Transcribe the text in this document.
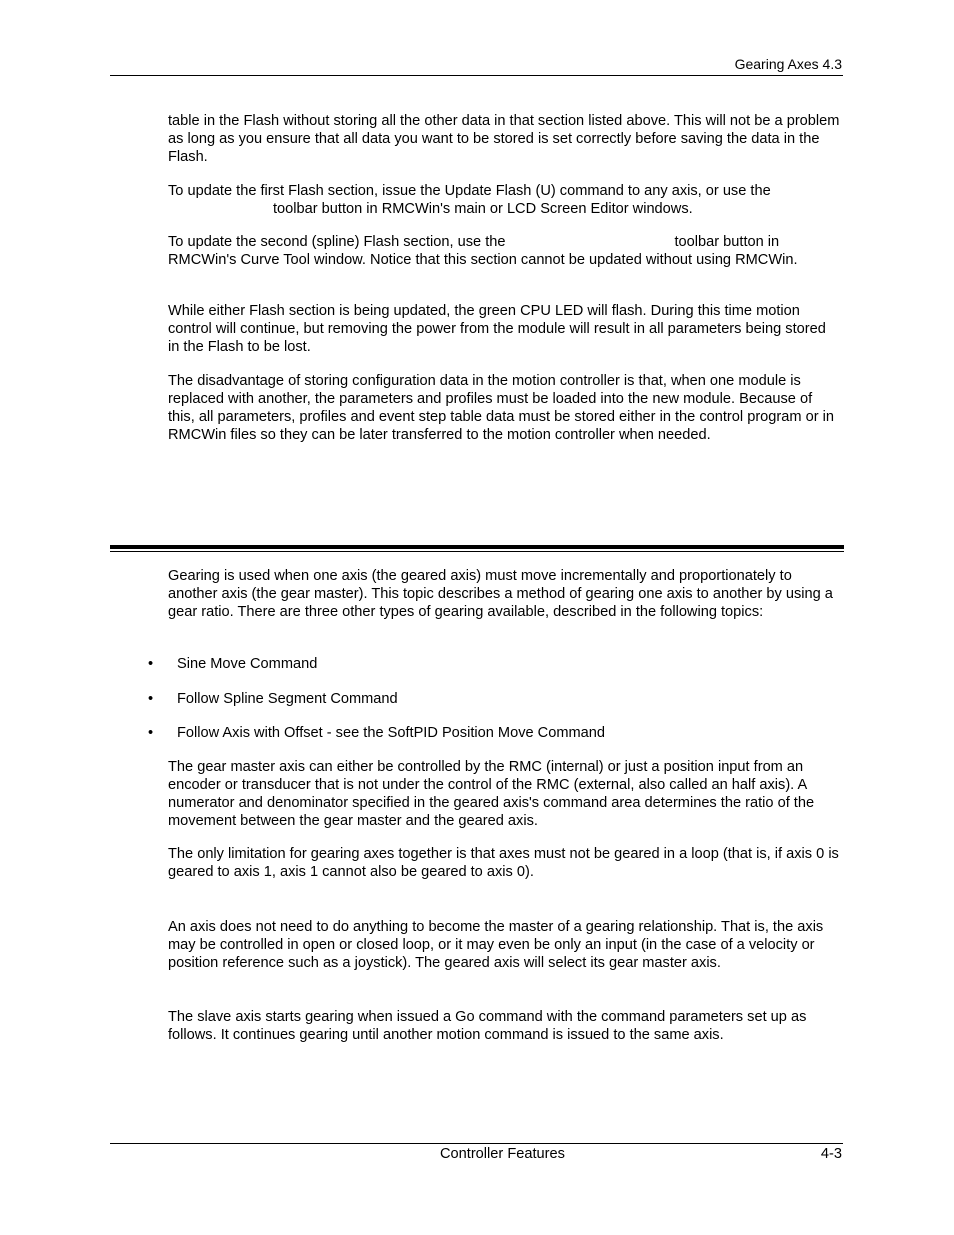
Gearing Axes 4.3

table in the Flash without storing all the other data in that section listed above. This will not be a problem as long as you ensure that all data you want to be stored is set correctly before saving the data in the Flash.

To update the first Flash section, issue the Update Flash (U) command to any axis, or use the
toolbar button in RMCWin's main or LCD Screen Editor windows.
To update the second (spline) Flash section, use the	toolbar button in
RMCWin's Curve Tool window. Notice that this section cannot be updated without using RMCWin.

While either Flash section is being updated, the green CPU LED will flash. During this time motion control will continue, but removing the power from the module will result in all parameters being stored in the Flash to be lost.

The disadvantage of storing configuration data in the motion controller is that, when one module is replaced with another, the parameters and profiles must be loaded into the new module. Because of this, all parameters, profiles and event step table data must be stored either in the control program or in RMCWin files so they can be later transferred to the motion controller when needed.

Gearing is used when one axis (the geared axis) must move incrementally and proportionately to another axis (the gear master). This topic describes a method of gearing one axis to another by using a gear ratio. There are three other types of gearing available, described in the following topics:

• Sine Move Command
• Follow Spline Segment Command
• Follow Axis with Offset - see the SoftPID Position Move Command

The gear master axis can either be controlled by the RMC (internal) or just a position input from an encoder or transducer that is not under the control of the RMC (external, also called an half axis). A numerator and denominator specified in the geared axis's command area determines the ratio of the movement between the gear master and the geared axis.

The only limitation for gearing axes together is that axes must not be geared in a loop (that is, if axis 0 is geared to axis 1, axis 1 cannot also be geared to axis 0).

An axis does not need to do anything to become the master of a gearing relationship. That is, the axis may be controlled in open or closed loop, or it may even be only an input (in the case of a velocity or position reference such as a joystick). The geared axis will select its gear master axis.

The slave axis starts gearing when issued a Go command with the command parameters set up as follows. It continues gearing until another motion command is issued to the same axis.

Controller Features	4-3
